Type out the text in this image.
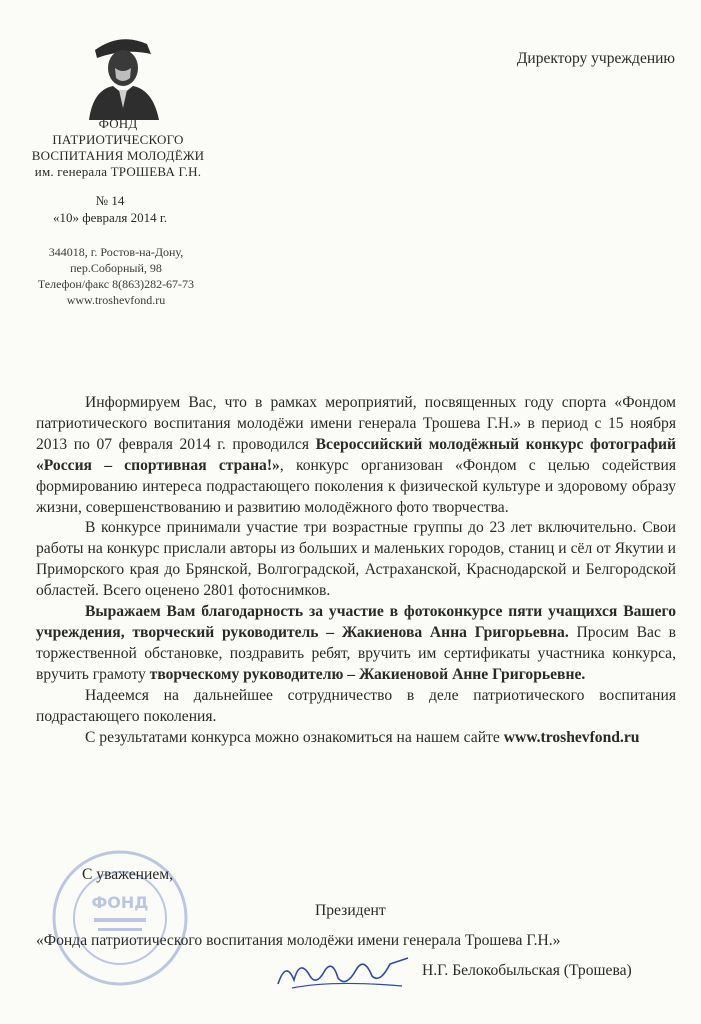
ФОНД
ПАТРИОТИЧЕСКОГО
ВОСПИТАНИЯ МОЛОДЁЖИ
им. генерала ТРОШЕВА Г.Н.
№ 14
«10» февраля 2014 г.
344018, г. Ростов-на-Дону,
пер.Соборный, 98
Телефон/факс 8(863)282-67-73
www.troshevfond.ru
Директору учреждению

Информируем Вас, что в рамках мероприятий, посвященных году спорта «Фондом патриотического воспитания молодёжи имени генерала Трошева Г.Н.» в период с 15 ноября 2013 по 07 февраля 2014 г. проводился Всероссийский молодёжный конкурс фотографий «Россия – спортивная страна!», конкурс организован «Фондом с целью содействия формированию интереса подрастающего поколения к физической культуре и здоровому образу жизни, совершенствованию и развитию молодёжного фото творчества.

В конкурсе принимали участие три возрастные группы до 23 лет включительно. Свои работы на конкурс прислали авторы из больших и маленьких городов, станиц и сёл от Якутии и Приморского края до Брянской, Волгоградской, Астраханской, Краснодарской и Белгородской областей. Всего оценено 2801 фотоснимков.

Выражаем Вам благодарность за участие в фотоконкурсе пяти учащихся Вашего учреждения, творческий руководитель – Жакиенова Анна Григорьевна. Просим Вас в торжественной обстановке, поздравить ребят, вручить им сертификаты участника конкурса, вручить грамоту творческому руководителю – Жакиеновой Анне Григорьевне.

Надеемся на дальнейшее сотрудничество в деле патриотического воспитания подрастающего поколения.

С результатами конкурса можно ознакомиться на нашем сайте www.troshevfond.ru

ФОНД
С уважением,
Президент
«Фонда патриотического воспитания молодёжи имени генерала Трошева Г.Н.»
Н.Г. Белокобыльская (Трошева)
